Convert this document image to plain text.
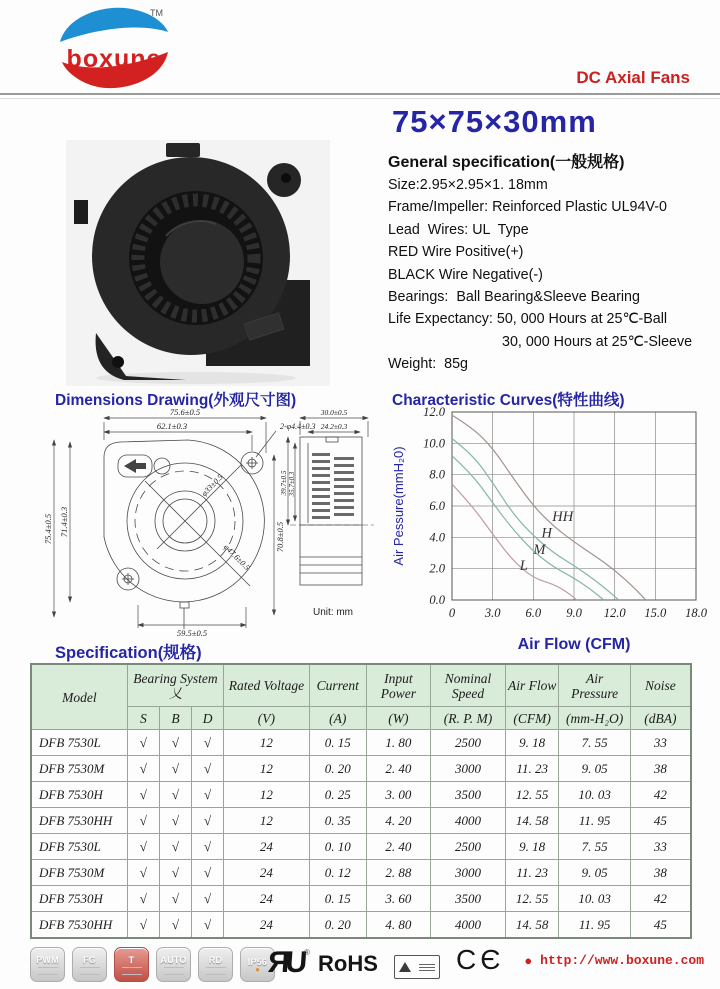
boxune
TM
DC Axial Fans
75×75×30mm
General specification(一般规格)
Size:2.95×2.95×1. 18mm
Frame/Impeller: Reinforced Plastic UL94V-0
Lead  Wires: UL  Type
RED Wire Positive(+)
BLACK Wire Negative(-)
Bearings:  Ball Bearing&Sleeve Bearing
Life Expectancy: 50, 000 Hours at 25℃-Ball
30, 000 Hours at 25℃-Sleeve
Weight:  85g
Dimensions Drawing(外观尺寸图)	Characteristic Curves(特性曲线)
75.6±0.5
62.1±0.3	2-φ4.4±0.3
75.4±0.5 71.4±0.3	70.8±0.5
φ33±0.5
φ47.6±0.5
59.5±0.5
30.0±0.5
24.2±0.3
39.7±0.5 35.7±0.3
Unit: mm
HH
H
M
L
0.0
2.0
4.0
6.0
8.0
10.0
12.0
0 3.0 6.0 9.0 12.0 15.0 18.0
Air Pessure(mmH₂0)
Air Flow (CFM)
Specification(规格)
Model	Bearing System
乂			Rated Voltage	Current	Input Power	Nominal Speed	Air Flow	Air Pressure	Noise
	S	B	D	(V)	(A)	(W)	(R. P. M)	(CFM)	(mm-H₂O)	(dBA)
DFB 7530L	√	√	√	12	0. 15	1. 80	2500	9. 18	7. 55	33
DFB 7530M	√	√	√	12	0. 20	2. 40	3000	11. 23	9. 05	38
DFB 7530H	√	√	√	12	0. 25	3. 00	3500	12. 55	10. 03	42
DFB 7530HH	√	√	√	12	0. 35	4. 20	4000	14. 58	11. 95	45
DFB 7530L	√	√	√	24	0. 10	2. 40	2500	9. 18	7. 55	33
DFB 7530M	√	√	√	24	0. 12	2. 88	3000	11. 23	9. 05	38
DFB 7530H	√	√	√	24	0. 15	3. 60	3500	12. 55	10. 03	42
DFB 7530HH	√	√	√	24	0. 20	4. 80	4000	14. 58	11. 95	45
PWM	FG	T	AUTO RD	IP56
● ЯU ® RoHS	CЄ ● http://www.boxune.com
